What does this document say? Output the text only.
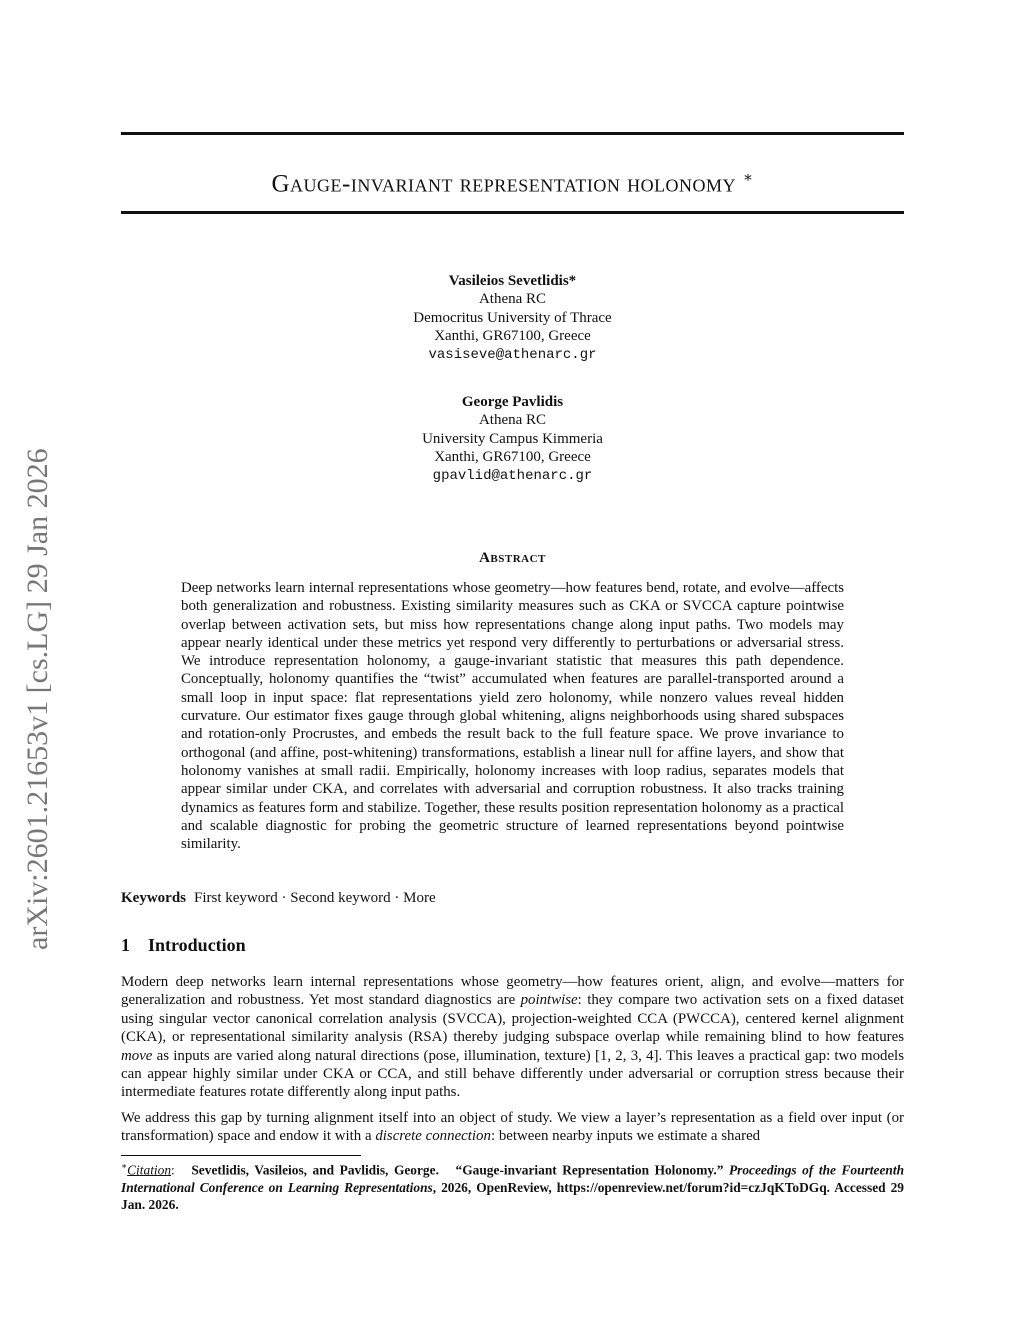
Gauge-invariant representation holonomy ∗
Vasileios Sevetlidis*
Athena RC
Democritus University of Thrace
Xanthi, GR67100, Greece
vasiseve@athenarc.gr
George Pavlidis
Athena RC
University Campus Kimmeria
Xanthi, GR67100, Greece
gpavlid@athenarc.gr
arXiv:2601.21653v1 [cs.LG] 29 Jan 2026	Abstract
Deep networks learn internal representations whose geometry—how features bend, rotate, and evolve—affects both generalization and robustness. Existing similarity measures such as CKA or SVCCA capture pointwise overlap between activation sets, but miss how representations change along input paths. Two models may appear nearly identical under these metrics yet respond very differently to perturbations or adversarial stress. We introduce representation holonomy, a gauge-invariant statistic that measures this path dependence. Conceptually, holonomy quantifies the “twist” accumulated when features are parallel-transported around a small loop in input space: flat representations yield zero holonomy, while nonzero values reveal hidden curvature. Our estimator fixes gauge through global whitening, aligns neighborhoods using shared subspaces and rotation-only Procrustes, and embeds the result back to the full feature space. We prove invariance to orthogonal (and affine, post-whitening) transformations, establish a linear null for affine layers, and show that holonomy vanishes at small radii. Empirically, holonomy increases with loop radius, separates models that appear similar under CKA, and correlates with adversarial and corruption robustness. It also tracks training dynamics as features form and stabilize. Together, these results position representation holonomy as a practical and scalable diagnostic for probing the geometric structure of learned representations beyond pointwise similarity.
Keywords First keyword · Second keyword · More
1 Introduction

Modern deep networks learn internal representations whose geometry—how features orient, align, and evolve—matters for generalization and robustness. Yet most standard diagnostics are pointwise: they compare two activation sets on a fixed dataset using singular vector canonical correlation analysis (SVCCA), projection-weighted CCA (PWCCA), centered kernel alignment (CKA), or representational similarity analysis (RSA) thereby judging subspace overlap while remaining blind to how features move as inputs are varied along natural directions (pose, illumination, texture) [1, 2, 3, 4]. This leaves a practical gap: two models can appear highly similar under CKA or CCA, and still behave differently under adversarial or corruption stress because their intermediate features rotate differently along input paths.

We address this gap by turning alignment itself into an object of study. We view a layer’s representation as a field over input (or transformation) space and endow it with a discrete connection: between nearby inputs we estimate a shared

∗Citation:   Sevetlidis, Vasileios, and Pavlidis, George. “Gauge-invariant Representation Holonomy.” Proceedings of the Fourteenth International Conference on Learning Representations, 2026, OpenReview, https://openreview.net/forum?id=czJqKToDGq. Accessed 29 Jan. 2026.
